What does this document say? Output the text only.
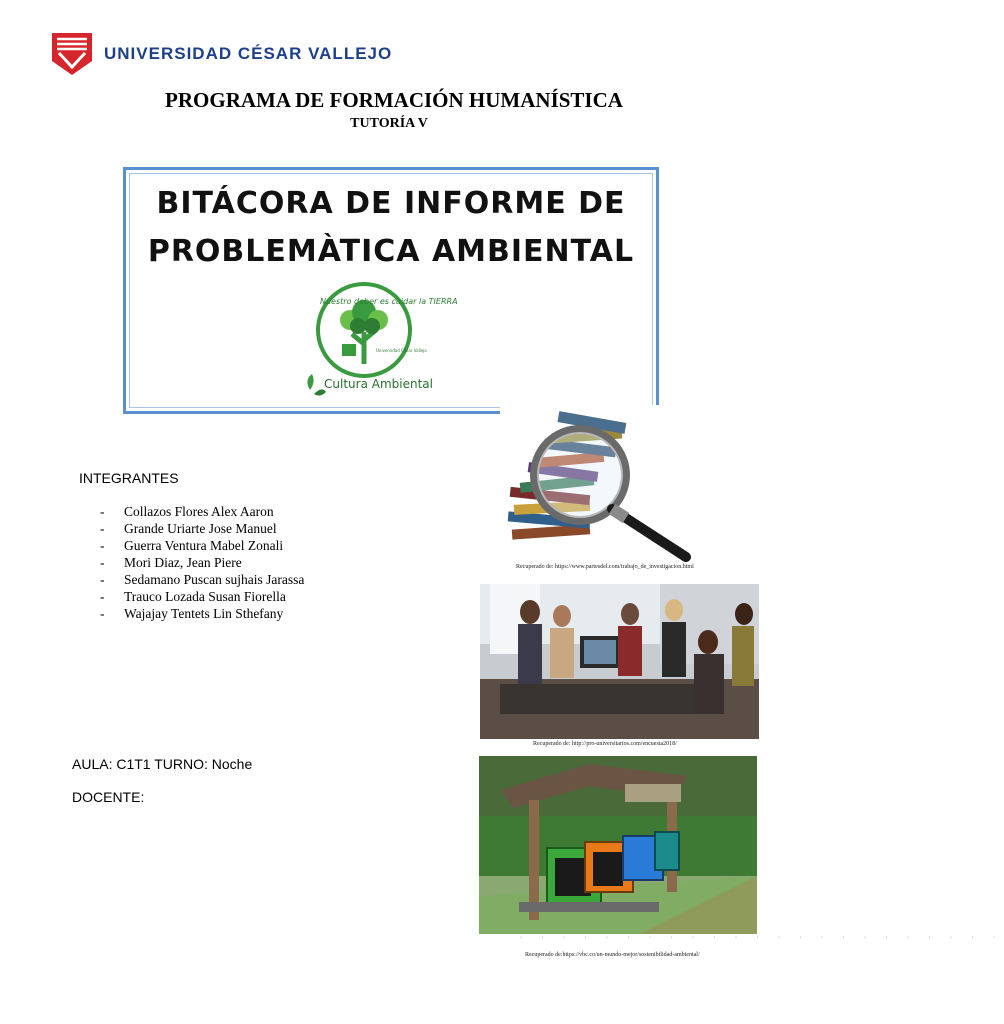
UNIVERSIDAD CÉSAR VALLEJO
PROGRAMA DE FORMACIÓN HUMANÍSTICA
TUTORÍA V
BITÁCORA DE INFORME DE
PROBLEMÀTICA AMBIENTAL
Nuestro deber es cuidar la TIERRA
Universidad César Vallejo
Cultura Ambiental
INTEGRANTES
- Collazos Flores Alex Aaron
- Grande Uriarte Jose Manuel
- Guerra Ventura Mabel Zonali
- Mori Diaz, Jean Piere
- Sedamano Puscan sujhais Jarassa
- Trauco Lozada Susan Fiorella
- Wajajay Tentets Lin Sthefany
AULA: C1T1 TURNO: Noche
DOCENTE:
Recuperado de: https://www.partesdel.com/trabajo_de_investigacion.html
Recuperado de: http://pro-universitarios.com/encuesta2018/
· · · · · · · · · · · · · · · · · · · · · · ·
Recuperado de:https://vbc.co/un-mundo-mejor/sostenibilidad-ambiental/
